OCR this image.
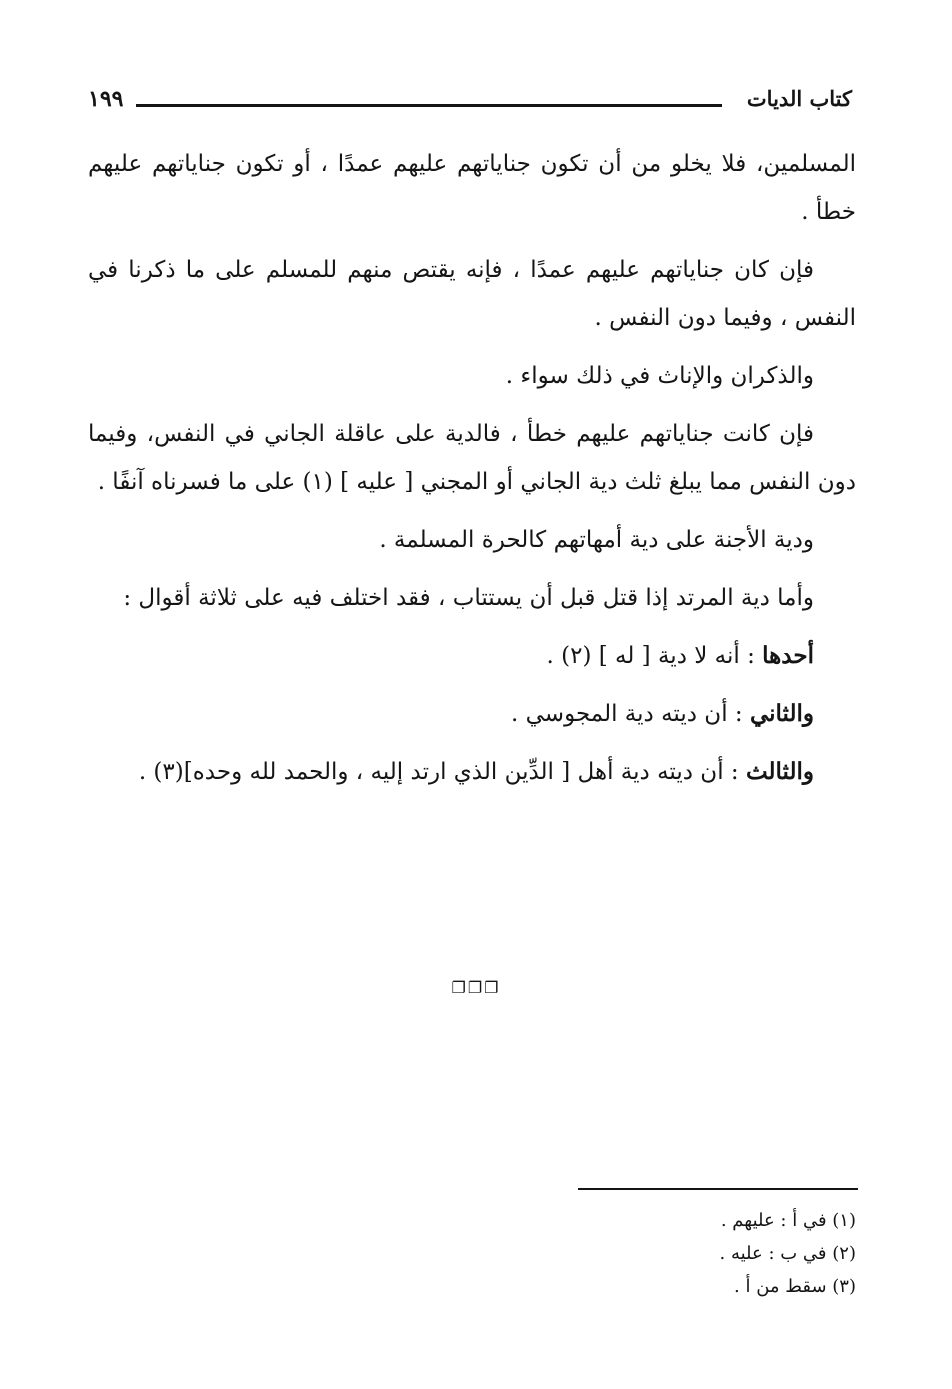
كتاب الديات
١٩٩

المسلمين، فلا يخلو من أن تكون جناياتهم عليهم عمدًا ، أو تكون جناياتهم عليهم خطأ .

فإن كان جناياتهم عليهم عمدًا ، فإنه يقتص منهم للمسلم على ما ذكرنا في النفس ، وفيما دون النفس .

والذكران والإناث في ذلك سواء .

فإن كانت جناياتهم عليهم خطأ ، فالدية على عاقلة الجاني في النفس، وفيما دون النفس مما يبلغ ثلث دية الجاني أو المجني [ عليه ] (١) على ما فسرناه آنفًا .

ودية الأجنة على دية أمهاتهم كالحرة المسلمة .

وأما دية المرتد إذا قتل قبل أن يستتاب ، فقد اختلف فيه على ثلاثة أقوال :

أحدها : أنه لا دية [ له ] (٢) .

والثاني : أن ديته دية المجوسي .

والثالث : أن ديته دية أهل [ الدِّين الذي ارتد إليه ، والحمد لله وحده](٣) .

❐❐❐
(١) في أ : عليهم .
(٢) في ب : عليه .
(٣) سقط من أ .
